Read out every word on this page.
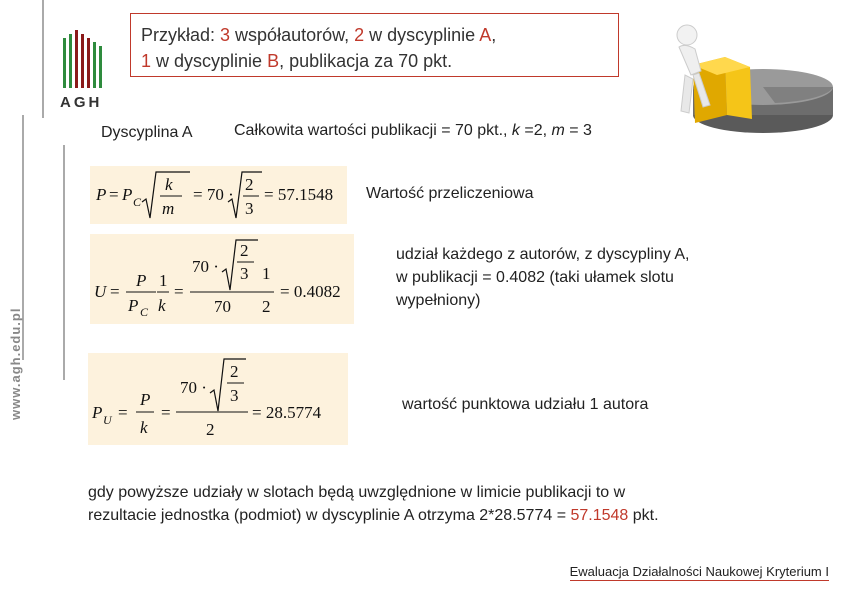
AGH
www.agh.edu.pl
Przykład: 3 współautorów, 2 w dyscyplinie A,
1 w dyscyplinie B, publikacja za 70 pkt.
Dyscyplina A	Całkowita wartości publikacji = 70 pkt., k =2, m = 3
P = P C
k
m
= 70 ·
2
3
= 57.1548 Wartość przeliczeniowa
U =
P
P C
1
k
=
70 ·
2
3 1
70 2
= 0.4082
udział każdego z autorów, z dyscypliny A,
w publikacji = 0.4082 (taki ułamek slotu
wypełniony)
P U =
P
k
=
70 ·
2
3
2
= 28.5774	wartość punktowa udziału 1 autora
gdy powyższe udziały w slotach będą uwzględnione w limicie publikacji to w
rezultacie jednostka (podmiot) w dyscyplinie A otrzyma 2*28.5774 = 57.1548 pkt.
Ewaluacja Działalności Naukowej Kryterium I
